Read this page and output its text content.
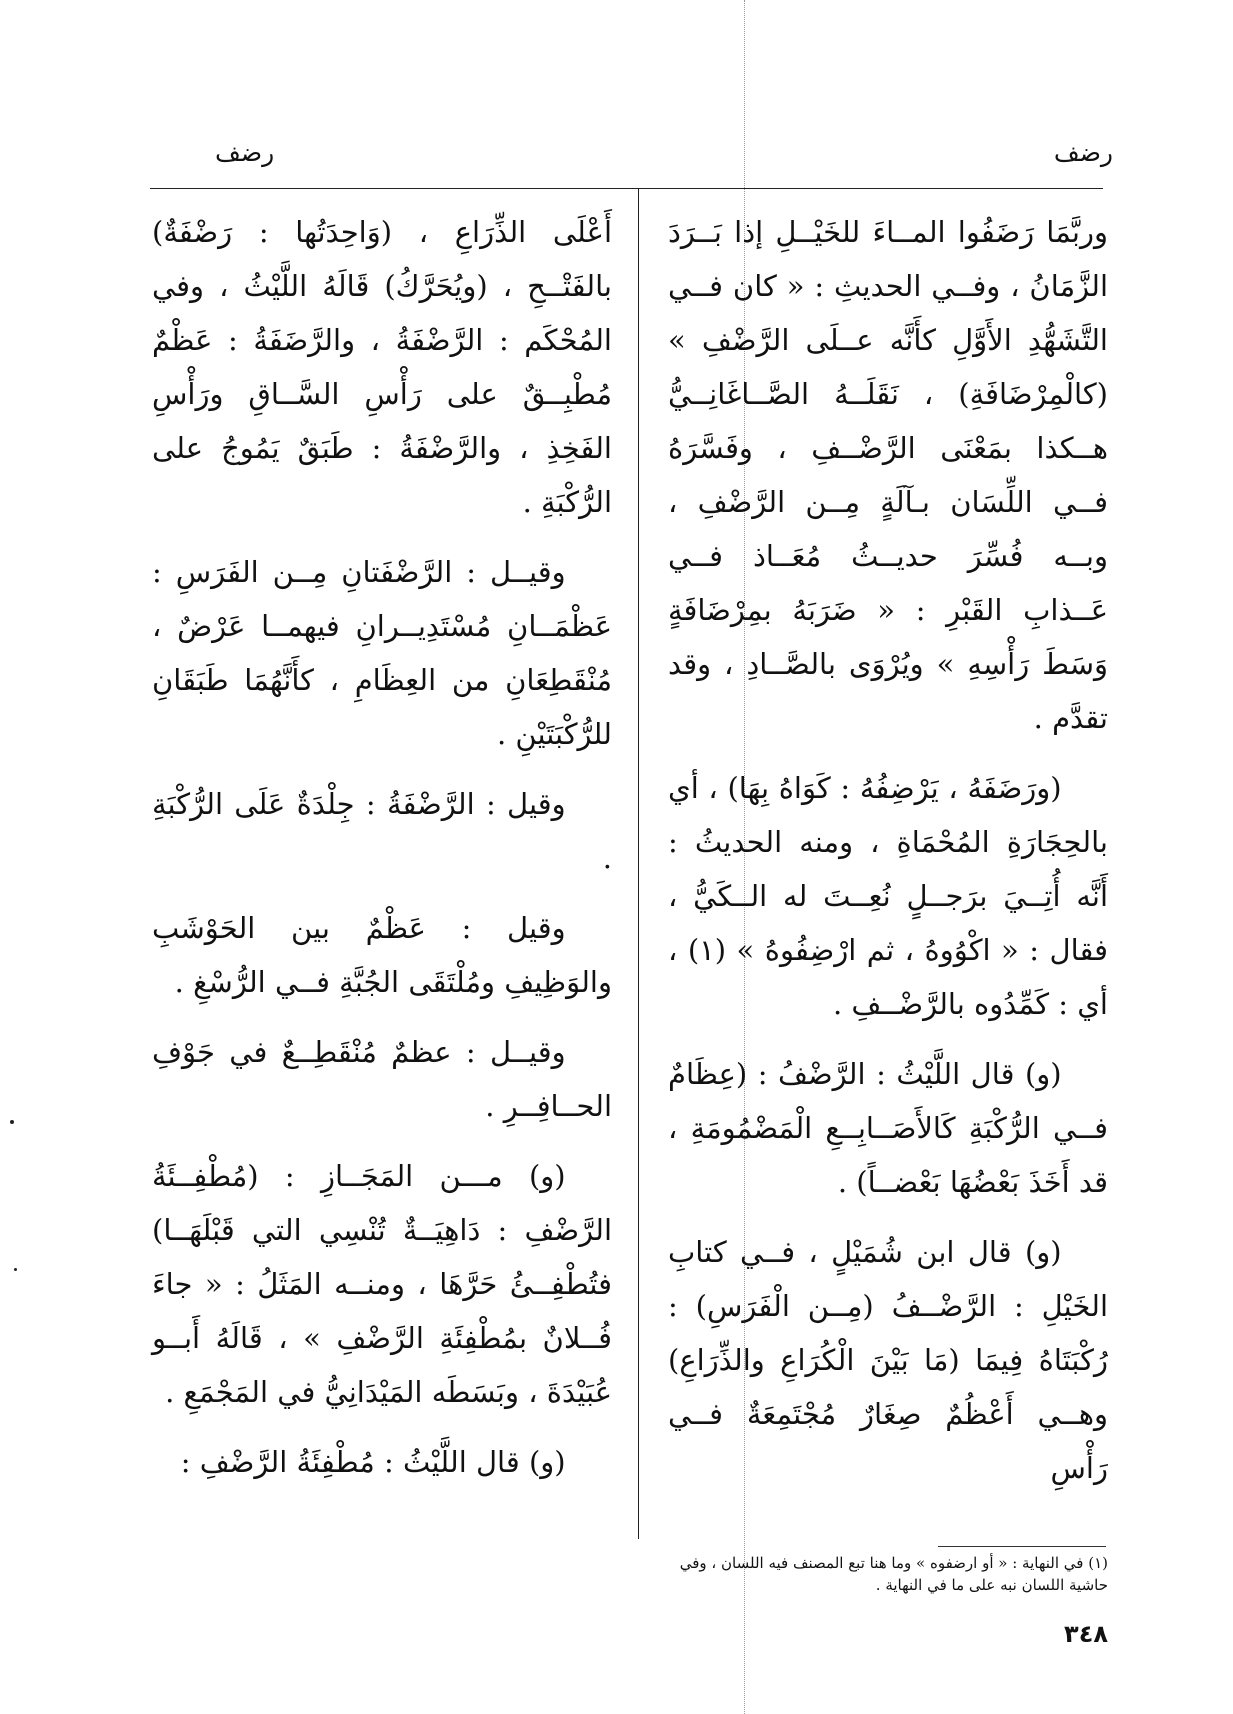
رضف
رضف

وربَّمَا رَضَفُوا المــاءَ للخَيْــلِ إذا بَــرَدَ الزَّمَانُ ، وفــي الحديثِ : « كان فــي التَّشَهُّدِ الأَوَّلِ كأَنَّه عــلَى الرَّضْفِ » (كالْمِرْضَافَةِ) ، نَقَلَــهُ الصَّــاغَانِــيُّ هــكذا بمَعْنَى الرَّضْــفِ ، وفَسَّرَهُ فــي اللِّسَان بـآلَةٍ مِــن الرَّضْفِ ، وبــه فُسِّرَ حديــثُ مُعَــاذ فــي عَــذابِ القَبْرِ : « ضَرَبَهُ بمِرْضَافَةٍ وَسَطَ رَأْسِهِ » ويُرْوَى بالصَّــادِ ، وقد تقدَّم .

(ورَضَفَهُ ، يَرْضِفُهُ : كَوَاهُ بِهَا) ، أي بالحِجَارَةِ المُحْمَاةِ ، ومنه الحديثُ : أَنَّه أُتِــيَ برَجــلٍ نُعِــتَ له الــكَيُّ ، فقال : « اكْوُوهُ ، ثم ارْضِفُوهُ » (١) ، أي : كَمِّدُوه بالرَّضْــفِ .

(و) قال اللَّيْثُ : الرَّضْفُ : (عِظَامٌ فــي الرُّكْبَةِ كَالأَصَــابِــعِ الْمَضْمُومَةِ ، قد أَخَذَ بَعْضُهَا بَعْضــاً) .

(و) قال ابن شُمَيْلٍ ، فــي كتابِ الخَيْلِ : الرَّضْــفُ (مِــن الْفَرَسِ) : رُكْبَتَاهُ فِيمَا (مَا بَيْنَ الْكُرَاعِ والذِّرَاعِ) وهــي أَعْظُمٌ صِغَارٌ مُجْتَمِعَةٌ فــي رَأْسِ

أَعْلَى الذِّرَاعِ ، (وَاحِدَتُها : رَضْفَةٌ) بالفَتْــحِ ، (ويُحَرَّكُ) قَالَهُ اللَّيْثُ ، وفي المُحْكَم : الرَّضْفَةُ ، والرَّضَفَةُ : عَظْمٌ مُطْبِــقٌ على رَأْسِ السَّــاقِ ورَأْسِ الفَخِذِ ، والرَّضْفَةُ : طَبَقٌ يَمُوجُ على الرُّكْبَةِ .

وقيــل : الرَّضْفَتانِ مِــن الفَرَسِ : عَظْمَــانِ مُسْتَدِيــرانِ فيهمــا عَرْضٌ ، مُنْقَطِعَانِ من العِظَامِ ، كأَنَّهُمَا طَبَقَانِ للرُّكْبَتَيْنِ .

وقيل : الرَّضْفَةُ : جِلْدَةٌ عَلَى الرُّكْبَةِ .

وقيل : عَظْمٌ بين الحَوْشَبِ والوَظِيفِ ومُلْتَقَى الجُبَّةِ فــي الرُّسْغِ .

وقيــل : عظمٌ مُنْقَطِــعٌ في جَوْفِ الحــافِــرِ .

(و) مـــن المَجَــازِ : (مُطْفِــئَةُ الرَّضْفِ : دَاهِيَــةٌ تُنْسِي التي قَبْلَهَــا) فتُطْفِــئُ حَرَّهَا ، ومنــه المَثَلُ : « جاءَ فُــلانٌ بمُطْفِئَةِ الرَّضْفِ » ، قَالَهُ أَبــو عُبَيْدَةَ ، وبَسَطَه المَيْدَانِيُّ في المَجْمَعِ .

(و) قال اللَّيْثُ : مُطْفِئَةُ الرَّضْفِ :

(١) في النهاية : « أو ارضفوه » وما هنا تبع المصنف فيه اللسان ، وفي حاشية اللسان نبه على ما في النهاية .
٣٤٨
